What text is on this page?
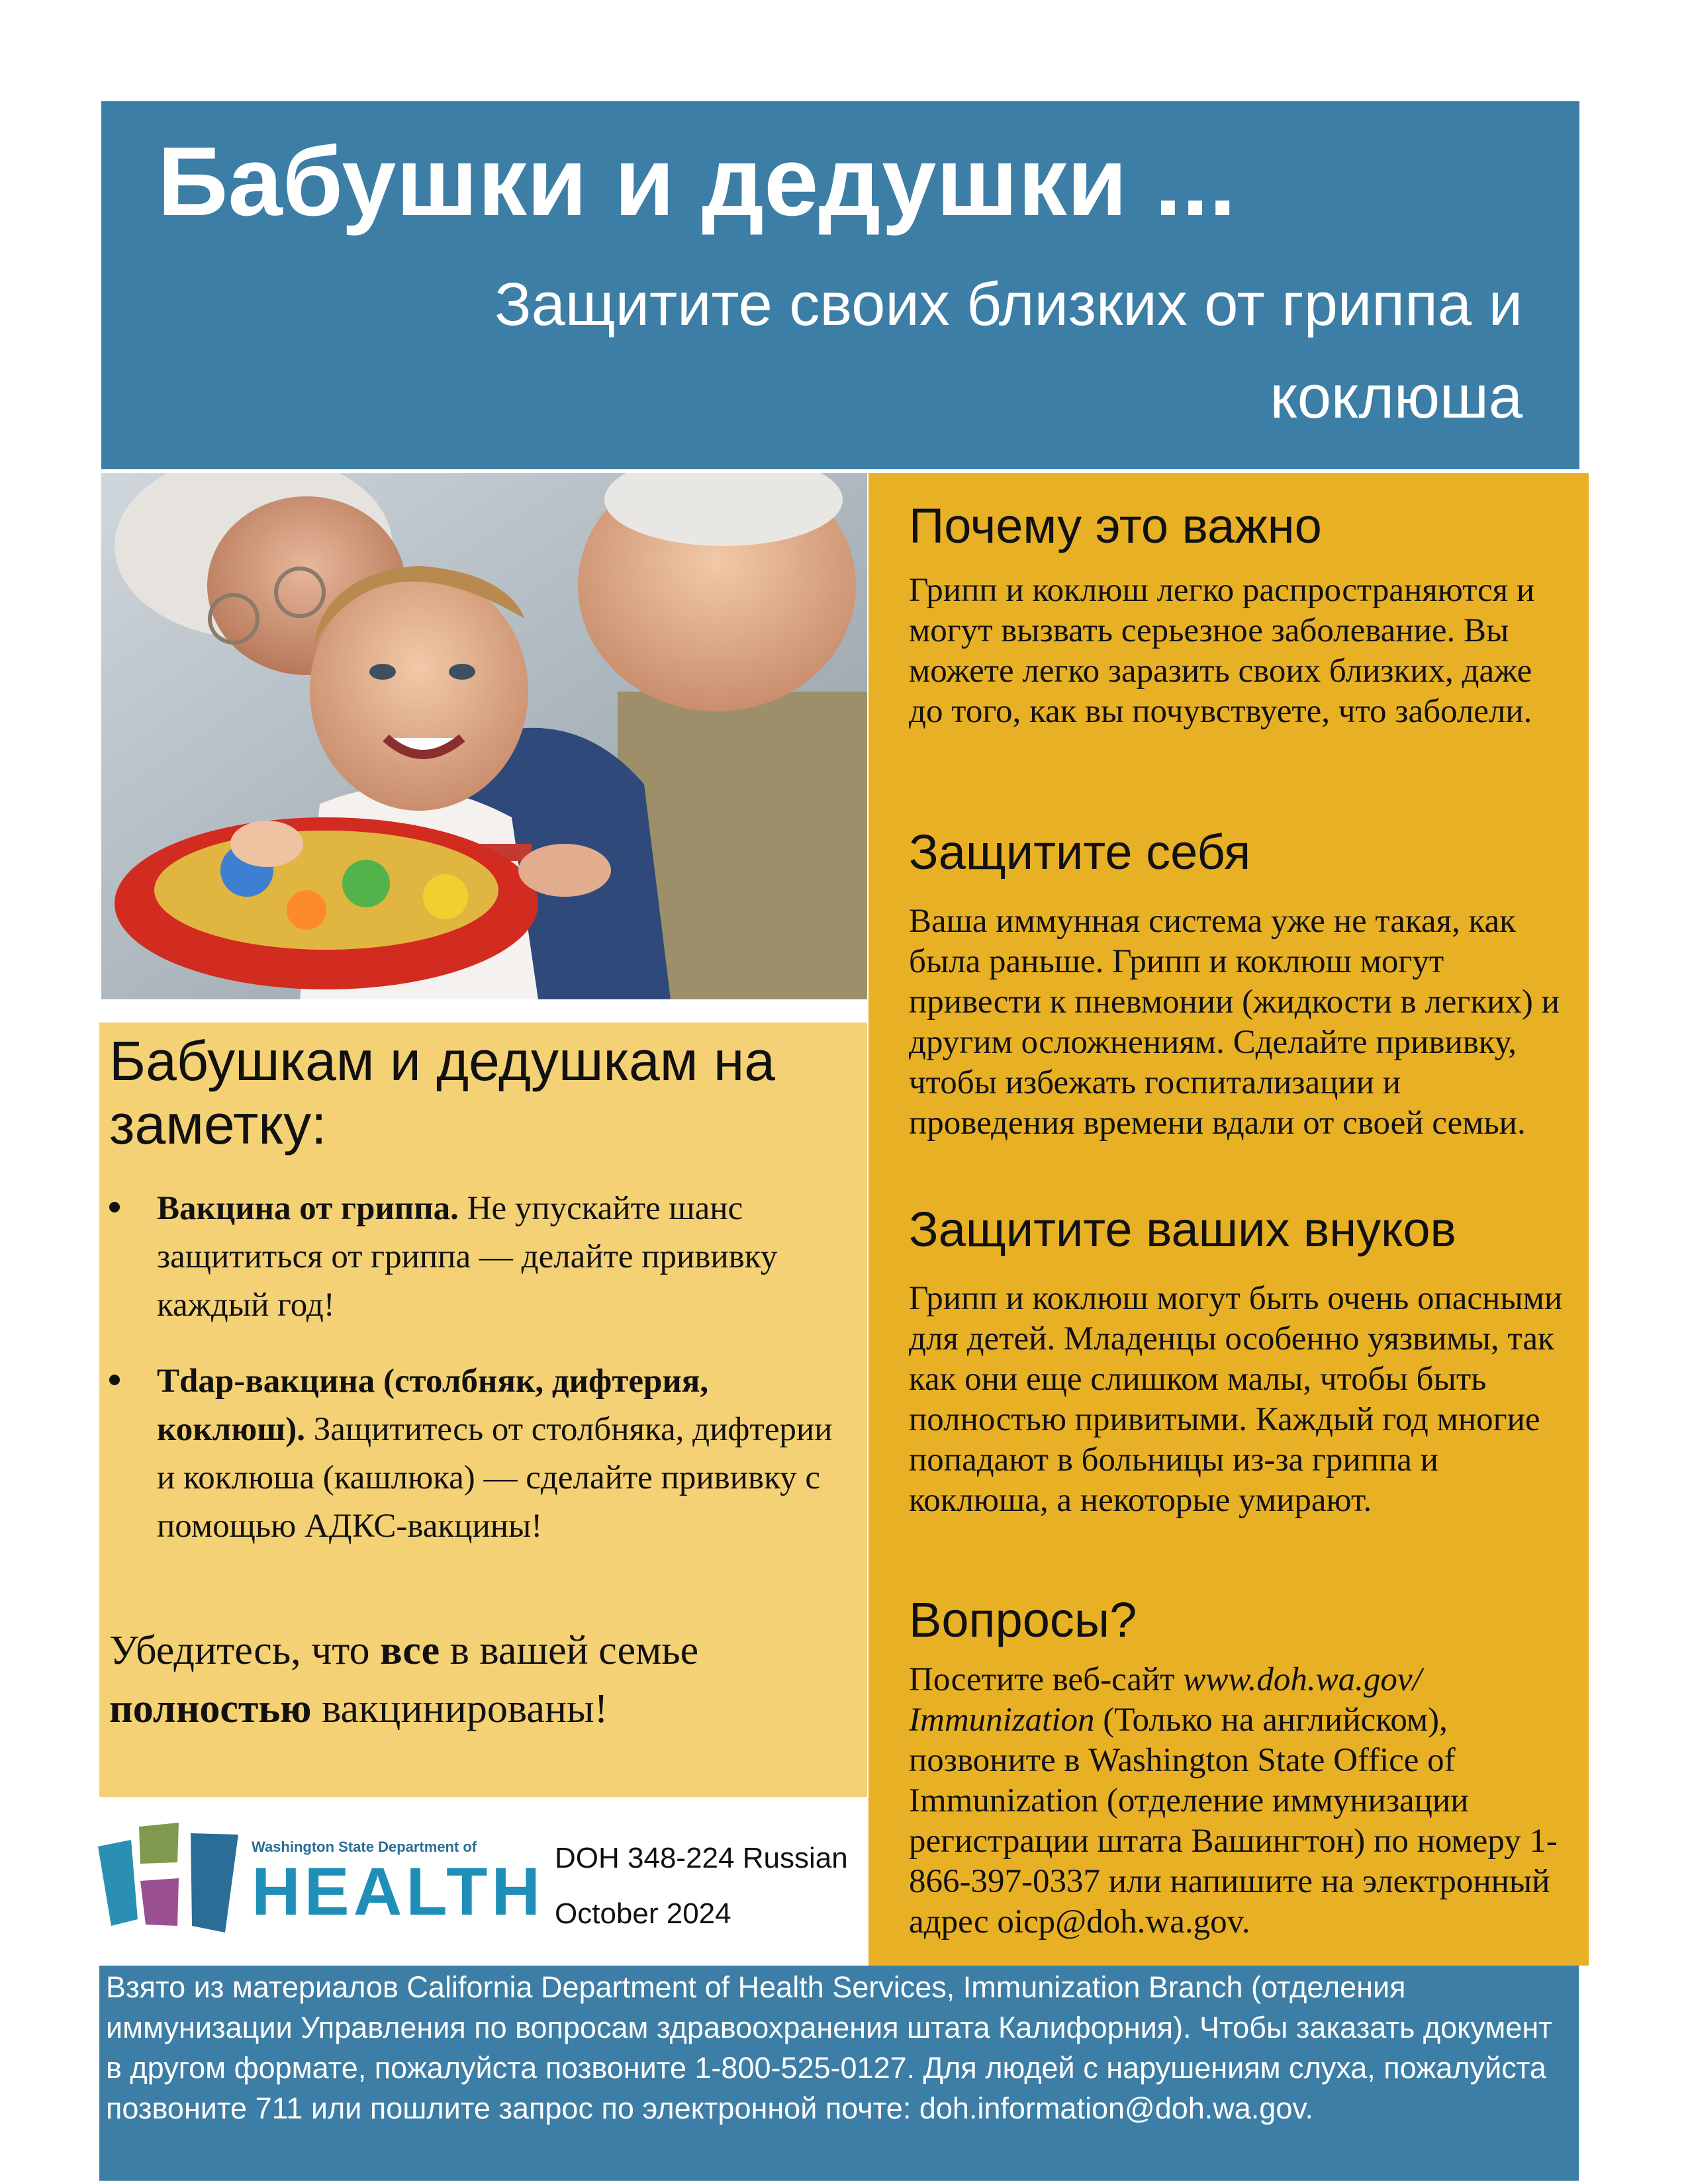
Бабушки и дедушки ...
Защитите своих близких от гриппа и коклюша
Бабушкам и дедушкам на заметку:
Вакцина от гриппа. Не упускайте шанс защититься от гриппа — делайте прививку каждый год!
Tdap-вакцина (столбняк, дифтерия, коклюш). Защититесь от столбняка, дифтерии и коклюша (кашлюка) — сделайте прививку с помощью АДКС-вакцины!
Убедитесь, что все в вашей семье полностью вакцинированы!
Почему это важно
Грипп и коклюш легко распространяются и могут вызвать серьезное заболевание. Вы можете легко заразить своих близких, даже до того, как вы почувствуете, что заболели.
Защитите себя
Ваша иммунная система уже не такая, как была раньше. Грипп и коклюш могут привести к пневмонии (жидкости в легких) и другим осложнениям. Сделайте прививку, чтобы избежать госпитализации и проведения времени вдали от своей семьи.
Защитите ваших внуков
Грипп и коклюш могут быть очень опасными для детей. Младенцы особенно уязвимы, так как они еще слишком малы, чтобы быть полностью привитыми. Каждый год многие попадают в больницы из-за гриппа и коклюша, а некоторые умирают.
Вопросы?
Посетите веб-сайт www.doh.wa.gov/ Immunization (Только на английском), позвоните в Washington State Office of Immunization (отделение иммунизации регистрации штата Вашингтон) по номеру 1-866-397-0337 или напишите на электронный адрес oicp@doh.wa.gov.
Washington State Department of
HEALTH DOH 348-224 Russian
October 2024
Взято из материалов California Department of Health Services, Immunization Branch (отделения иммунизации Управления по вопросам здравоохранения штата Калифорния). Чтобы заказать документ в другом формате, пожалуйста позвоните 1-800-525-0127. Для людей с нарушениям слуха, пожалуйста позвоните 711 или пошлите запрос по электронной почте: doh.information@doh.wa.gov.
